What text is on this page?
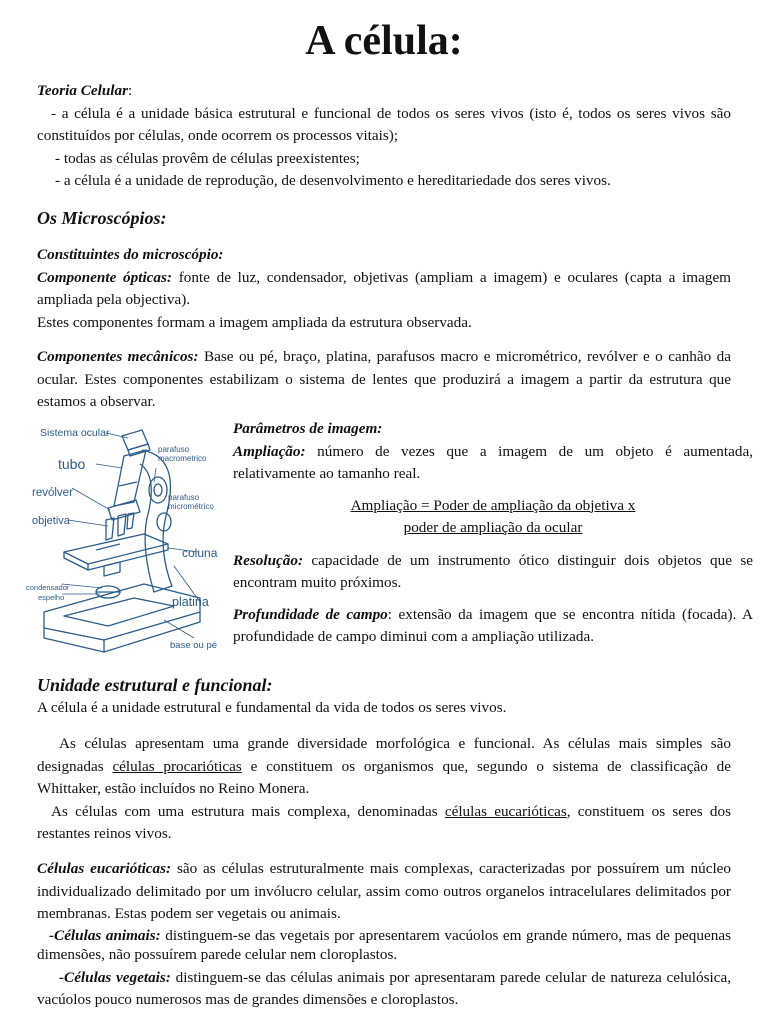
A célula:

Teoria Celular:

- a célula é a unidade básica estrutural e funcional de todos os seres vivos (isto é, todos os seres vivos são constituídos por células, onde ocorrem os processos vitais);

- todas as células provêm de células preexistentes;

- a célula é a unidade de reprodução, de desenvolvimento e hereditariedade dos seres vivos.

Os Microscópios:

Constituintes do microscópio:

Componente ópticas: fonte de luz, condensador, objetivas (ampliam a imagem) e oculares (capta a imagem ampliada pela objectiva).

Estes componentes formam a imagem ampliada da estrutura observada.

Componentes mecânicos: Base ou pé, braço, platina, parafusos macro e micrométrico, revólver e o canhão da ocular. Estes componentes estabilizam o sistema de lentes que produzirá a imagem a partir da estrutura que estamos a observar.

Parâmetros de imagem:

Ampliação: número de vezes que a imagem de um objeto é aumentada, relativamente ao tamanho real.

Ampliação = Poder de ampliação da objetiva x

poder de ampliação da ocular

Resolução: capacidade de um instrumento ótico distinguir dois objetos que se encontram muito próximos.

Profundidade de campo: extensão da imagem que se encontra nítida (focada). A profundidade de campo diminui com a ampliação utilizada.

Unidade estrutural e funcional:

A célula é a unidade estrutural e fundamental da vida de todos os seres vivos.

As células apresentam uma grande diversidade morfológica e funcional. As células mais simples são designadas células procarióticas e constituem os organismos que, segundo o sistema de classificação de Whittaker, estão incluídos no Reino Monera.

As células com uma estrutura mais complexa, denominadas células eucarióticas, constituem os seres dos restantes reinos vivos.

Células eucarióticas: são as células estruturalmente mais complexas, caracterizadas por possuírem um núcleo individualizado delimitado por um invólucro celular, assim como outros organelos intracelulares delimitados por membranas. Estas podem ser vegetais ou animais.

-Células animais: distinguem-se das vegetais por apresentarem vacúolos em grande número, mas de pequenas dimensões, não possuírem parede celular nem cloroplastos.

-Células vegetais: distinguem-se das células animais por apresentaram parede celular de natureza celulósica, vacúolos pouco numerosos mas de grandes dimensões e cloroplastos.

Sistema ocular
tubo
revólver
objetiva
condensador
espelho
parafuso
macrometrico
parafuso
micrométrico
coluna
platina
base ou pé
